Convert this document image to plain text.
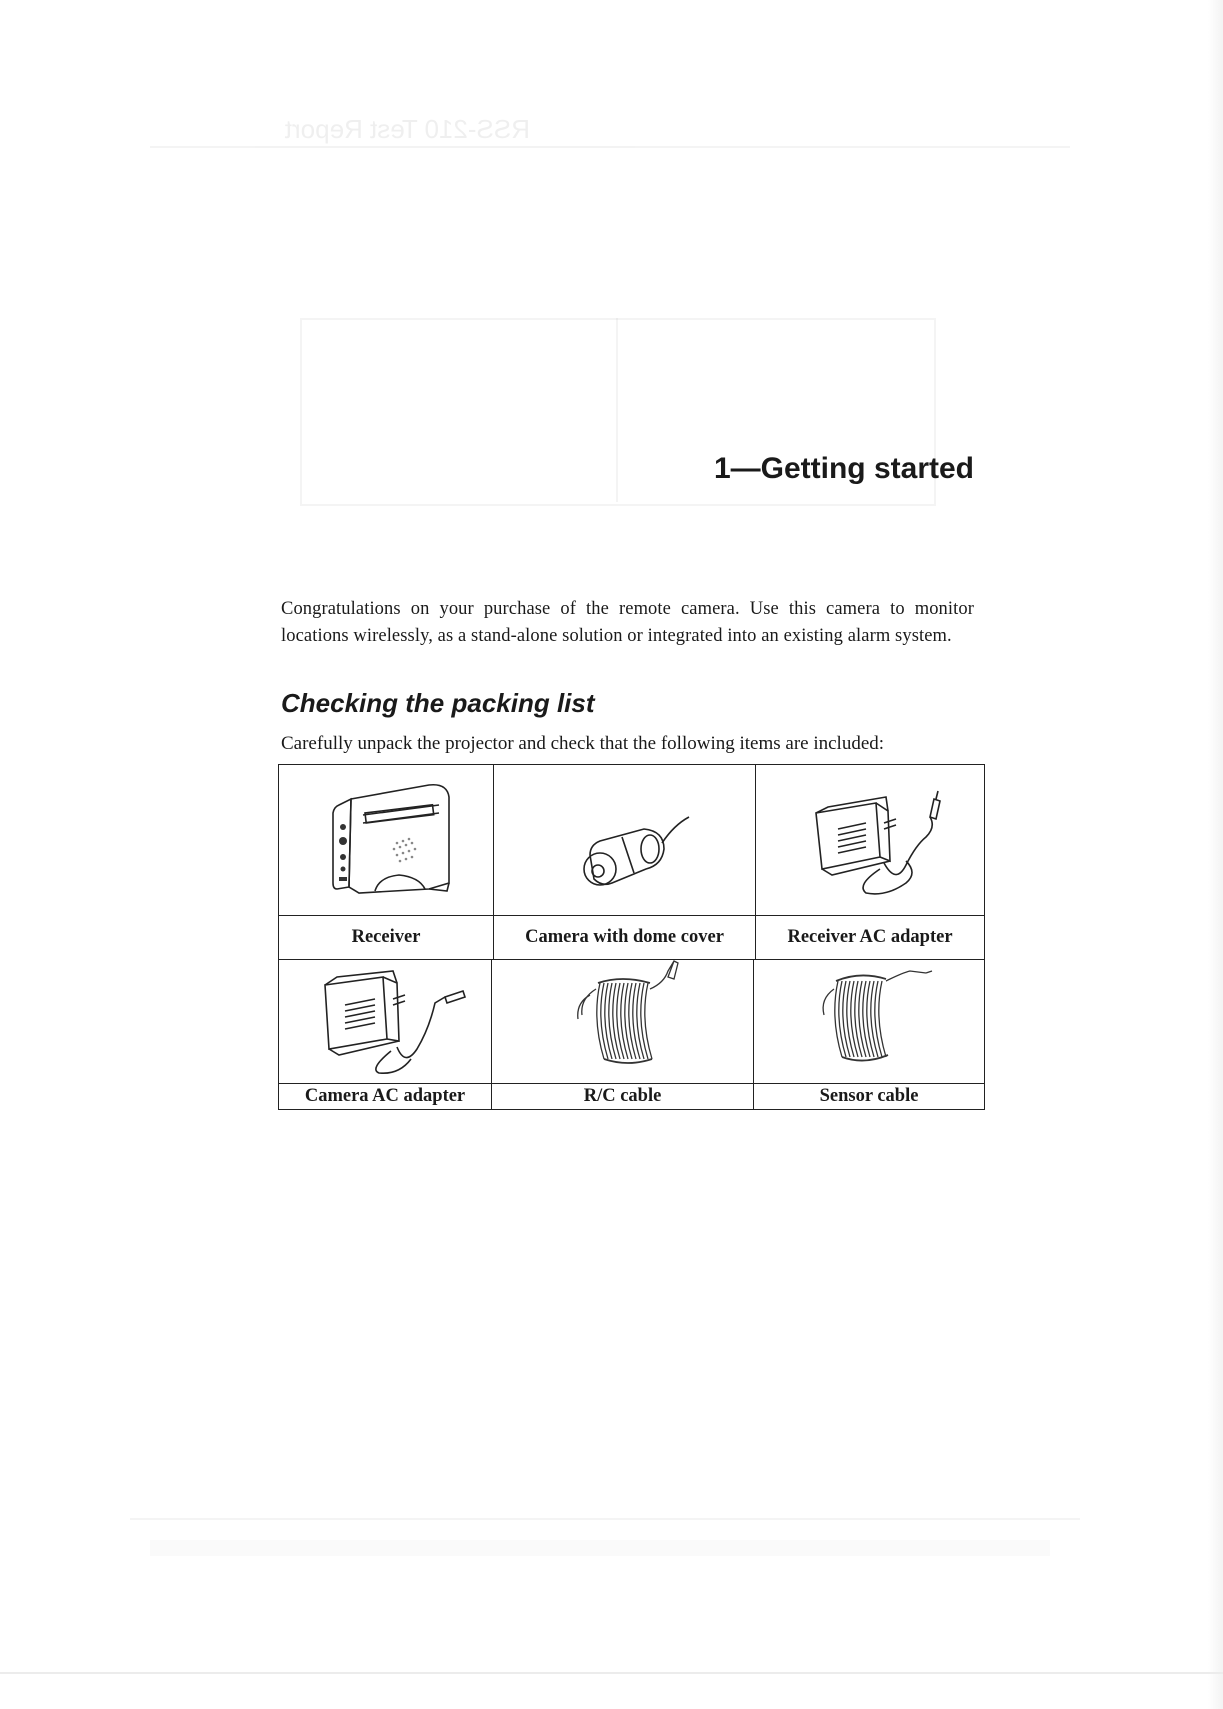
RSS-210 Test Report
1—Getting started

Congratulations on your purchase of the remote camera. Use this camera to monitor locations wirelessly, as a stand-alone solution or integrated into an existing alarm system.

Checking the packing list

Carefully unpack the projector and check that the following items are included:

Receiver	Camera with dome cover	Receiver AC adapter
Camera AC adapter	R/C cable	Sensor cable
